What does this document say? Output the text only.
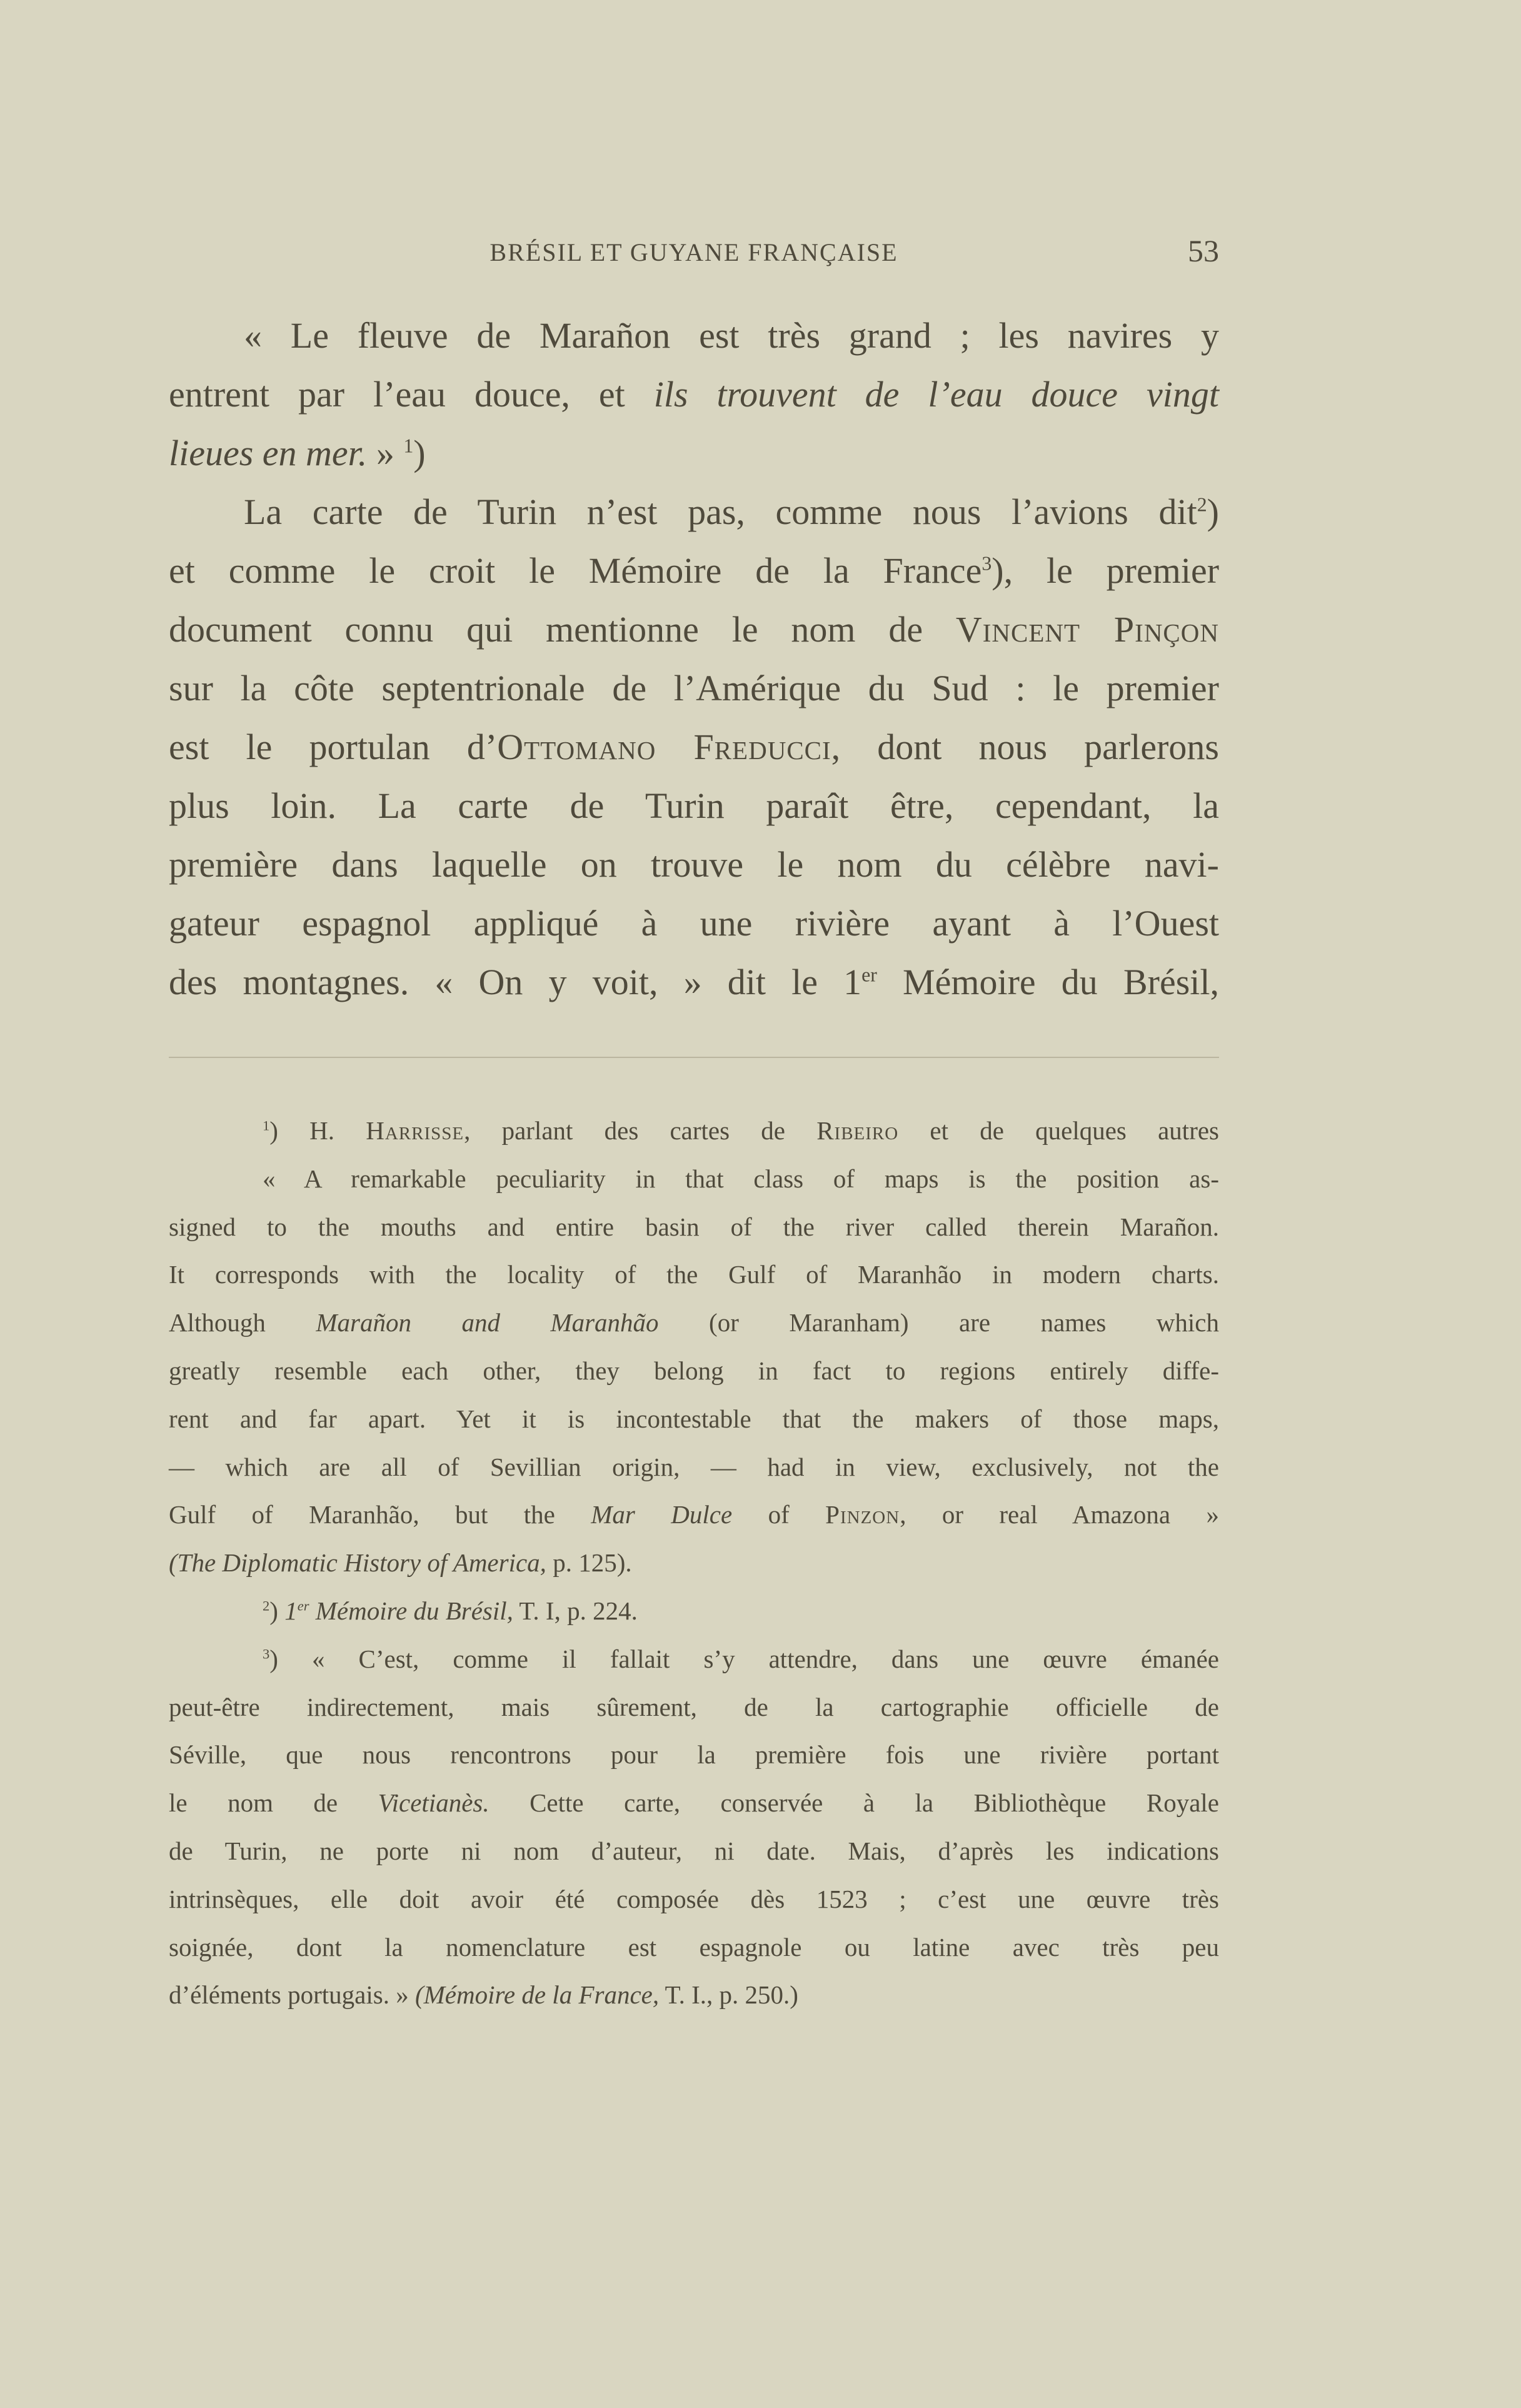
BRÉSIL ET GUYANE FRANÇAISE	53
« Le fleuve de Marañon est très grand ; les navires y
entrent par l’eau douce, et ils trouvent de l’eau douce vingt
lieues en mer. » $^1$)
La carte de Turin n’est pas, comme nous l’avions dit$^2$)
et comme le croit le Mémoire de la France$^3$), le premier
document connu qui mentionne le nom de Vincent Pinçon
sur la côte septentrionale de l’Amérique du Sud : le premier
est le portulan d’Ottomano Freducci, dont nous parlerons
plus loin. La carte de Turin paraît être, cependant, la
première dans laquelle on trouve le nom du célèbre navi-
gateur espagnol appliqué à une rivière ayant à l’Ouest
des montagnes. « On y voit, » dit le 1er Mémoire du Brésil,
$^1$) H. Harrisse, parlant des cartes de Ribeiro et de quelques autres
« A remarkable peculiarity in that class of maps is the position as-
signed to the mouths and entire basin of the river called therein Marañon.
It corresponds with the locality of the Gulf of Maranhão in modern charts.
Although Marañon and Maranhão (or Maranham) are names which
greatly resemble each other, they belong in fact to regions entirely diffe-
rent and far apart. Yet it is incontestable that the makers of those maps,
— which are all of Sevillian origin, — had in view, exclusively, not the
Gulf of Maranhão, but the Mar Dulce of Pinzon, or real Amazona »
(The Diplomatic History of America, p. 125).
$^2$) 1er Mémoire du Brésil, T. I, p. 224.
$^3$) « C’est, comme il fallait s’y attendre, dans une œuvre émanée
peut-être indirectement, mais sûrement, de la cartographie officielle de
Séville, que nous rencontrons pour la première fois une rivière portant
le nom de Vicetianès. Cette carte, conservée à la Bibliothèque Royale
de Turin, ne porte ni nom d’auteur, ni date. Mais, d’après les indications
intrinsèques, elle doit avoir été composée dès 1523 ; c’est une œuvre très
soignée, dont la nomenclature est espagnole ou latine avec très peu
d’éléments portugais. » (Mémoire de la France, T. I., p. 250.)
